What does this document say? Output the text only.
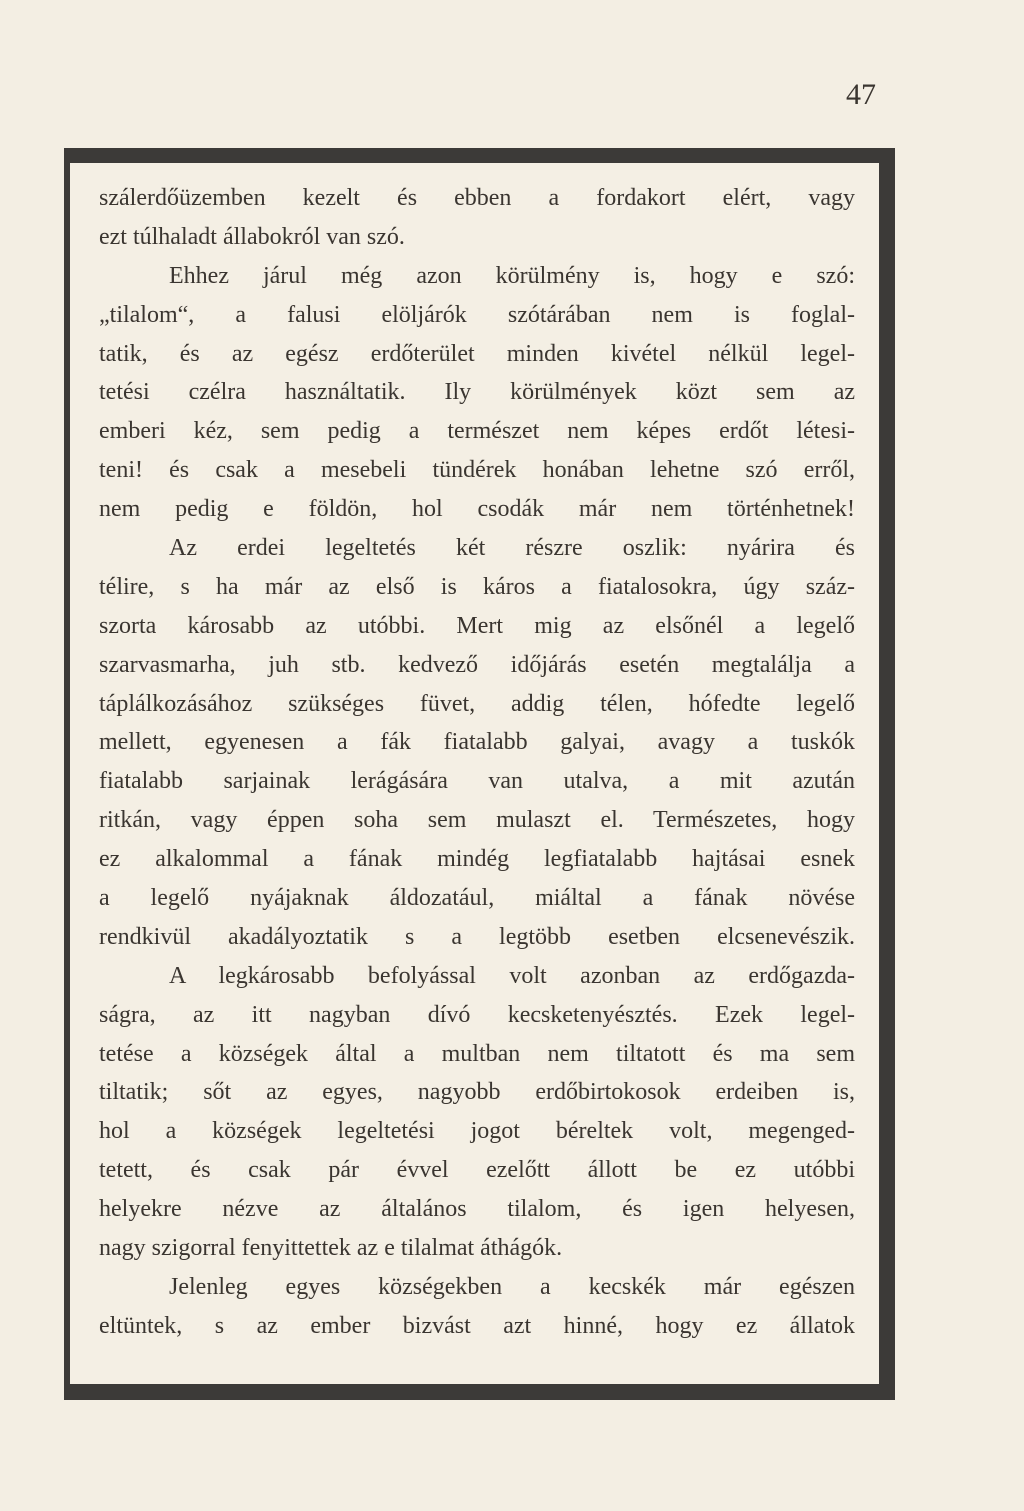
47
szálerdőüzemben kezelt és ebben a fordakort elért, vagy
ezt túlhaladt állabokról van szó.
Ehhez járul még azon körülmény is, hogy e szó:
„tilalom“, a falusi elöljárók szótárában nem is foglal-
tatik, és az egész erdőterület minden kivétel nélkül legel-
tetési czélra használtatik. Ily körülmények közt sem az
emberi kéz, sem pedig a természet nem képes erdőt létesi-
teni! és csak a mesebeli tündérek honában lehetne szó erről,
nem pedig e földön, hol csodák már nem történhetnek!
Az erdei legeltetés két részre oszlik: nyárira és
télire, s ha már az első is káros a fiatalosokra, úgy száz-
szorta károsabb az utóbbi. Mert mig az elsőnél a legelő
szarvasmarha, juh stb. kedvező időjárás esetén megtalálja a
táplálkozásához szükséges füvet, addig télen, hófedte legelő
mellett, egyenesen a fák fiatalabb galyai, avagy a tuskók
fiatalabb sarjainak lerágására van utalva, a mit azután
ritkán, vagy éppen soha sem mulaszt el. Természetes, hogy
ez alkalommal a fának mindég legfiatalabb hajtásai esnek
a legelő nyájaknak áldozatául, miáltal a fának növése
rendkivül akadályoztatik s a legtöbb esetben elcsenevészik.
A legkárosabb befolyással volt azonban az erdőgazda-
ságra, az itt nagyban dívó kecsketenyésztés. Ezek legel-
tetése a községek által a multban nem tiltatott és ma sem
tiltatik; sőt az egyes, nagyobb erdőbirtokosok erdeiben is,
hol a községek legeltetési jogot béreltek volt, megenged-
tetett, és csak pár évvel ezelőtt állott be ez utóbbi
helyekre nézve az általános tilalom, és igen helyesen,
nagy szigorral fenyittettek az e tilalmat áthágók.
Jelenleg egyes községekben a kecskék már egészen
eltüntek, s az ember bizvást azt hinné, hogy ez állatok
